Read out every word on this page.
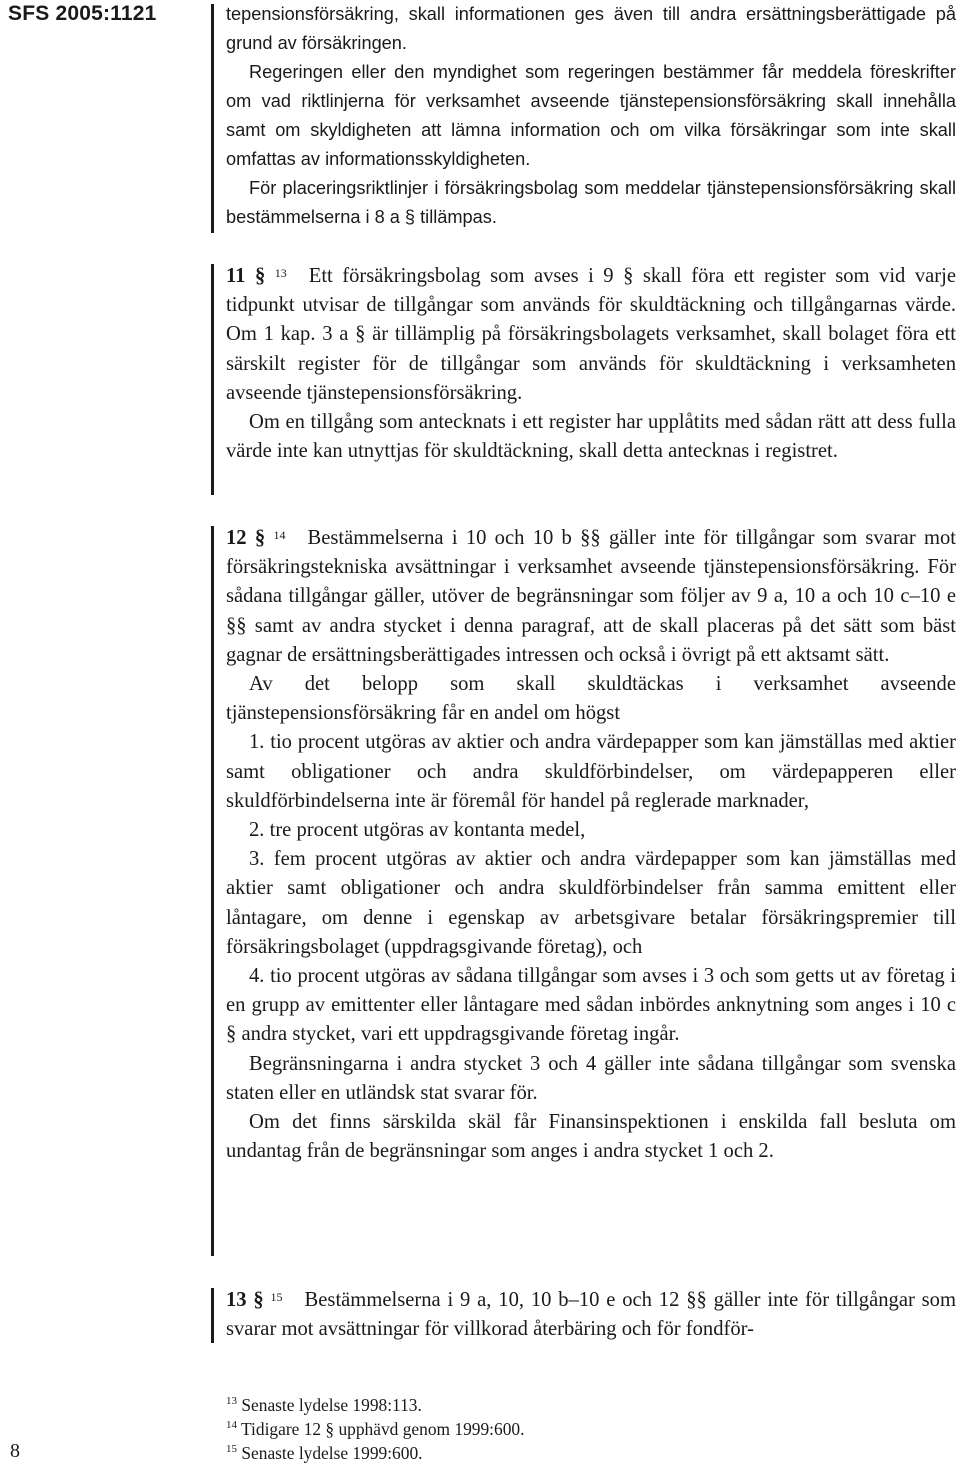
SFS 2005:1121	tepensionsförsäkring, skall informationen ges även till andra ersättningsberättigade på grund av försäkringen.

Regeringen eller den myndighet som regeringen bestämmer får meddela föreskrifter om vad riktlinjerna för verksamhet avseende tjänstepensionsförsäkring skall innehålla samt om skyldigheten att lämna information och om vilka försäkringar som inte skall omfattas av informationsskyldigheten.

För placeringsriktlinjer i försäkringsbolag som meddelar tjänstepensionsförsäkring skall bestämmelserna i 8 a § tillämpas.

11 § $^{13}$ Ett försäkringsbolag som avses i 9 § skall föra ett register som vid varje tidpunkt utvisar de tillgångar som används för skuldtäckning och tillgångarnas värde. Om 1 kap. 3 a § är tillämplig på försäkringsbolagets verksamhet, skall bolaget föra ett särskilt register för de tillgångar som används för skuldtäckning i verksamheten avseende tjänstepensionsförsäkring.

Om en tillgång som antecknats i ett register har upplåtits med sådan rätt att dess fulla värde inte kan utnyttjas för skuldtäckning, skall detta antecknas i registret.

12 § $^{14}$ Bestämmelserna i 10 och 10 b §§ gäller inte för tillgångar som svarar mot försäkringstekniska avsättningar i verksamhet avseende tjänstepensionsförsäkring. För sådana tillgångar gäller, utöver de begränsningar som följer av 9 a, 10 a och 10 c–10 e §§ samt av andra stycket i denna paragraf, att de skall placeras på det sätt som bäst gagnar de ersättningsberättigades intressen och också i övrigt på ett aktsamt sätt.

Av det belopp som skall skuldtäckas i verksamhet avseende tjänstepensionsförsäkring får en andel om högst

1. tio procent utgöras av aktier och andra värdepapper som kan jämställas med aktier samt obligationer och andra skuldförbindelser, om värdepapperen eller skuldförbindelserna inte är föremål för handel på reglerade marknader,

2. tre procent utgöras av kontanta medel,

3. fem procent utgöras av aktier och andra värdepapper som kan jämställas med aktier samt obligationer och andra skuldförbindelser från samma emittent eller låntagare, om denne i egenskap av arbetsgivare betalar försäkringspremier till försäkringsbolaget (uppdragsgivande företag), och

4. tio procent utgöras av sådana tillgångar som avses i 3 och som getts ut av företag i en grupp av emittenter eller låntagare med sådan inbördes anknytning som anges i 10 c § andra stycket, vari ett uppdragsgivande företag ingår.

Begränsningarna i andra stycket 3 och 4 gäller inte sådana tillgångar som svenska staten eller en utländsk stat svarar för.

Om det finns särskilda skäl får Finansinspektionen i enskilda fall besluta om undantag från de begränsningar som anges i andra stycket 1 och 2.

13 § $^{15}$ Bestämmelserna i 9 a, 10, 10 b–10 e och 12 §§ gäller inte för tillgångar som svarar mot avsättningar för villkorad återbäring och för fondför-

$^{13}$ Senaste lydelse 1998:113.
$^{14}$ Tidigare 12 § upphävd genom 1999:600.
$^{15}$ Senaste lydelse 1999:600.
8
